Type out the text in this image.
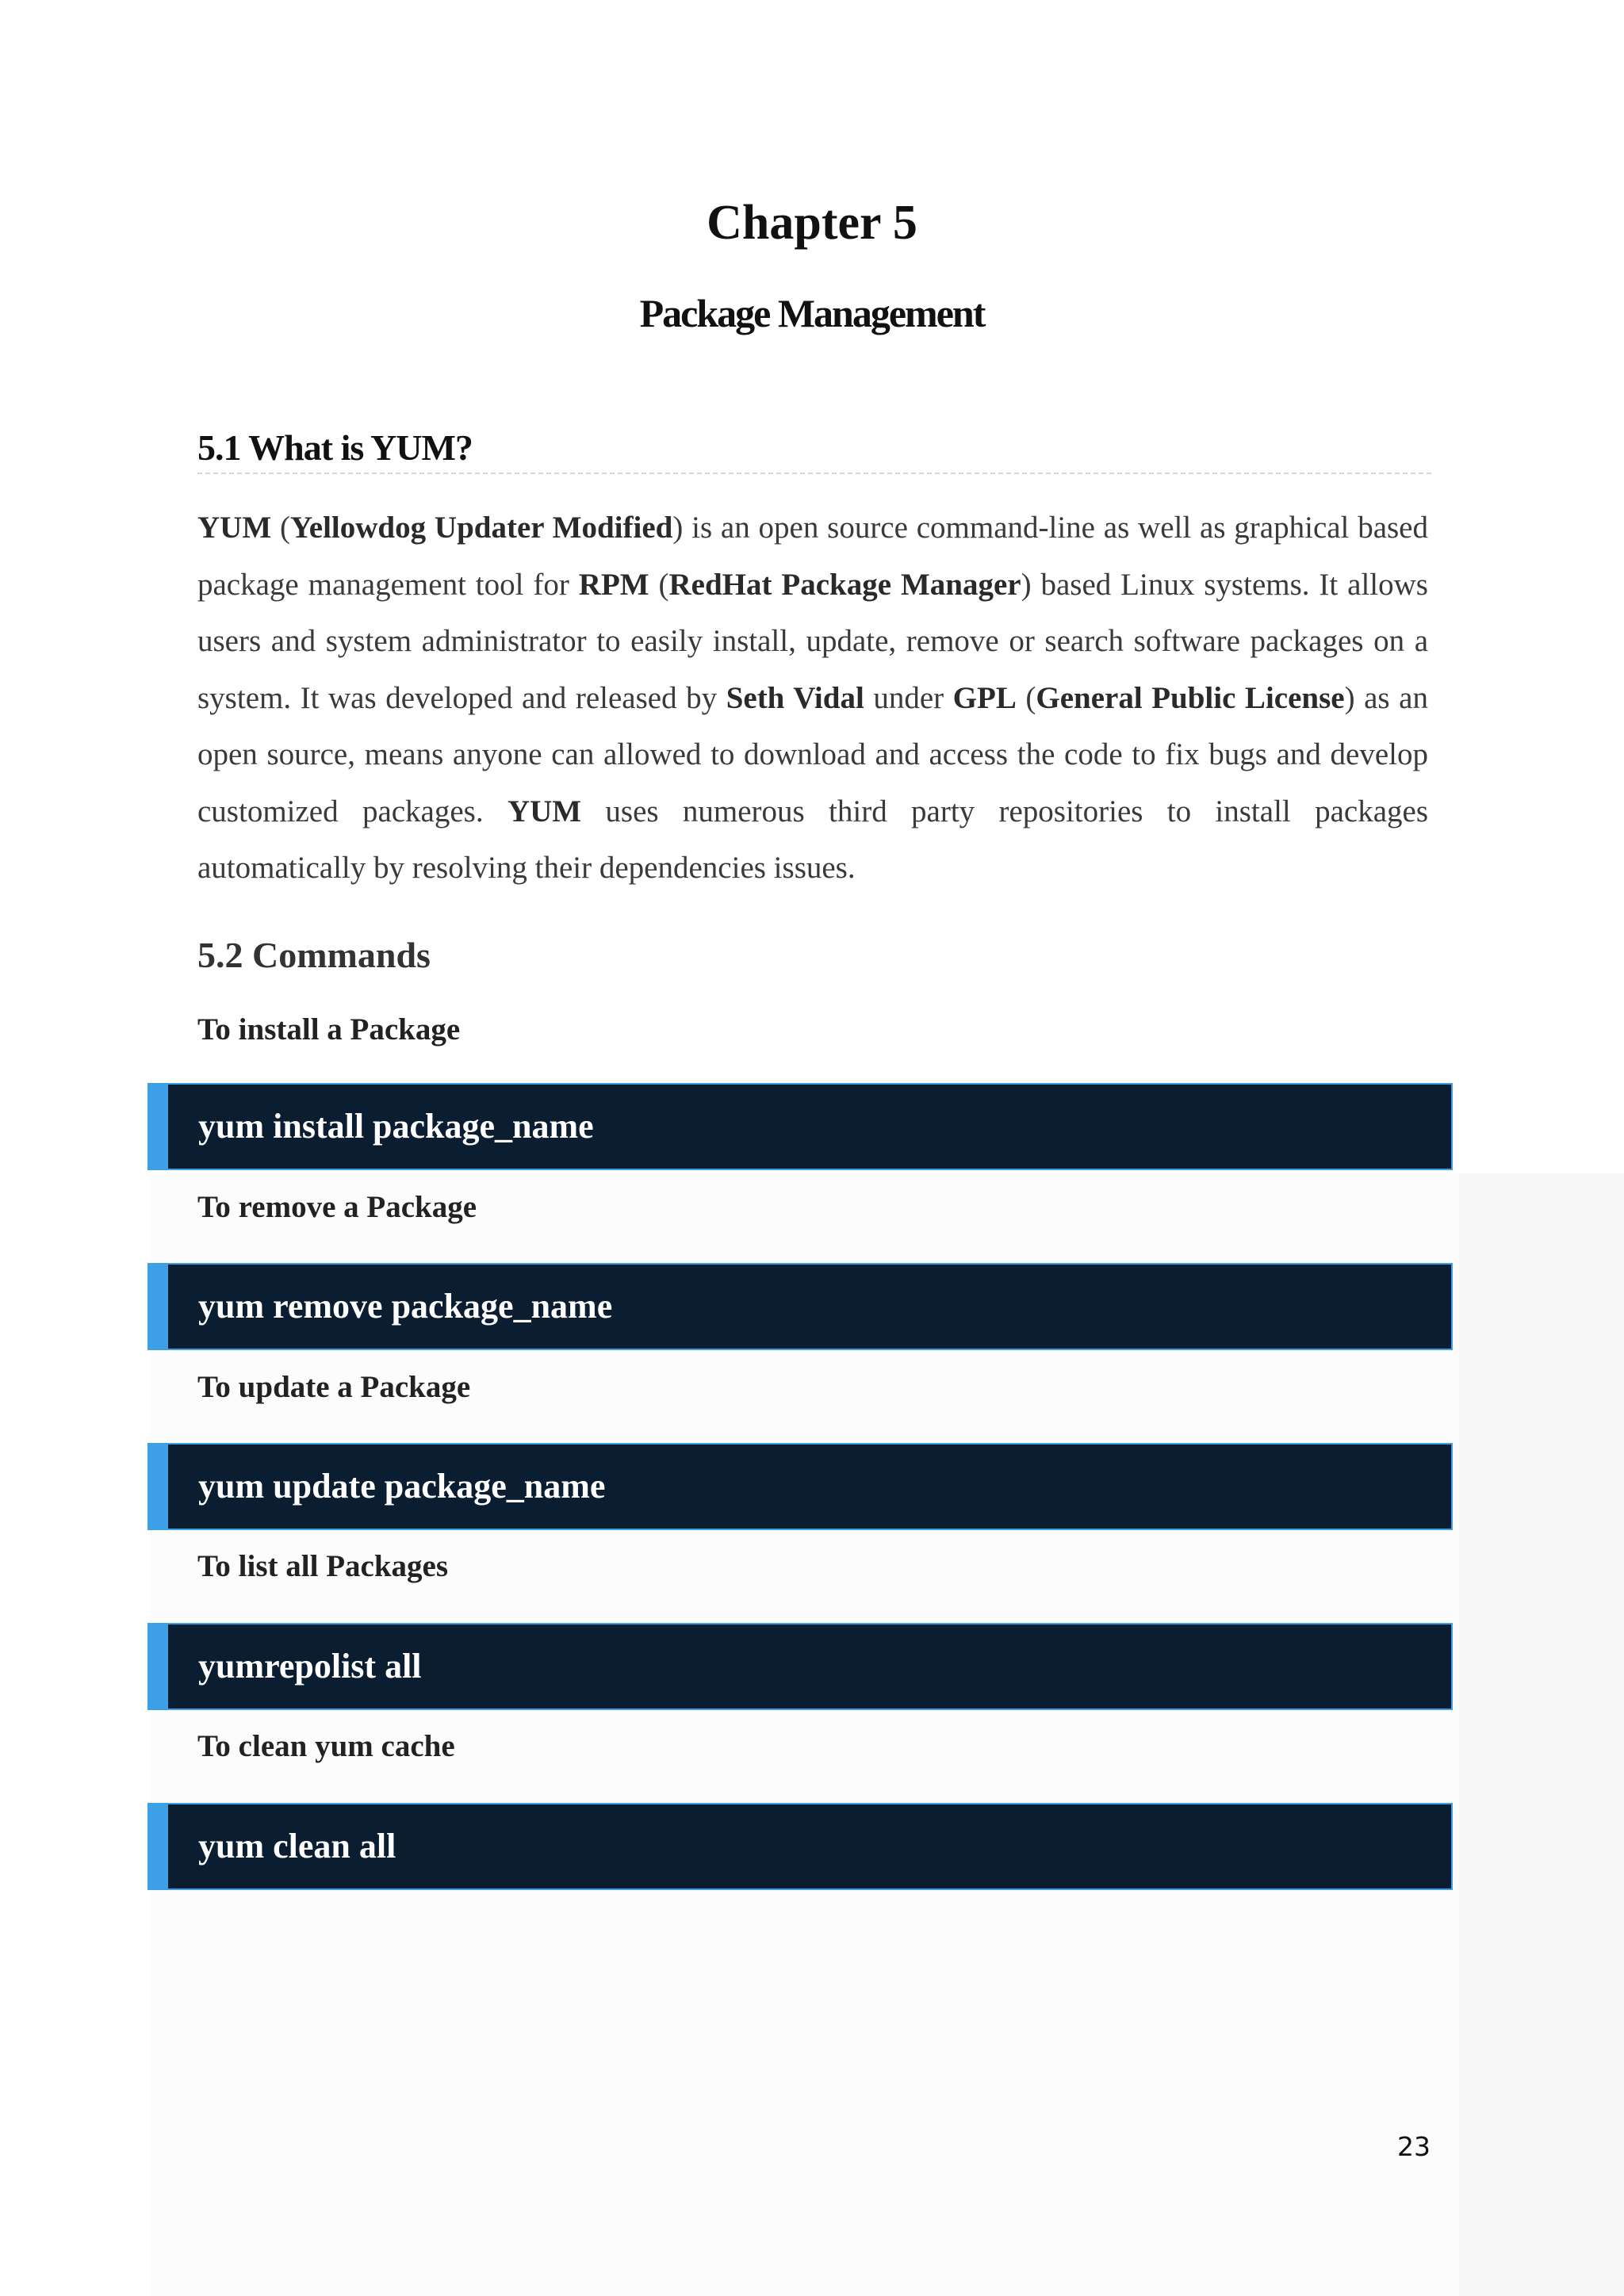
Chapter 5
Package Management
5.1 What is YUM?
YUM (Yellowdog Updater Modified) is an open source command-line as well as graphical based package management tool for RPM (RedHat Package Manager) based Linux systems. It allows users and system administrator to easily install, update, remove or search software packages on a system. It was developed and released by Seth Vidal under GPL (General Public License) as an open source, means anyone can allowed to download and access the code to fix bugs and develop customized packages. YUM uses numerous third party repositories to install packages automatically by resolving their dependencies issues.
5.2 Commands
To install a Package
yum install package_name
To remove a Package
yum remove package_name
To update a Package
yum update package_name
To list all Packages
yumrepolist all
To clean yum cache
yum clean all
23
